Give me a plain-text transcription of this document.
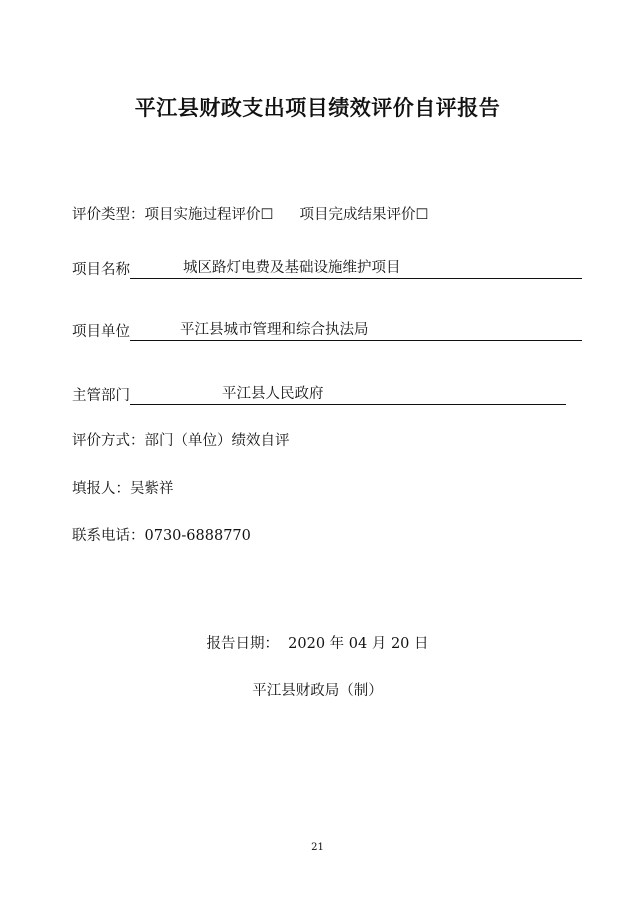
平江县财政支出项目绩效评价自评报告
评价类型：项目实施过程评价☐ 项目完成结果评价☐
项目名称	城区路灯电费及基础设施维护项目
项目单位	平江县城市管理和综合执法局
主管部门	平江县人民政府
评价方式：部门（单位）绩效自评
填报人：吴紫祥
联系电话：0730-6888770
报告日期：  2020 年 04 月 20 日
平江县财政局（制）
21
